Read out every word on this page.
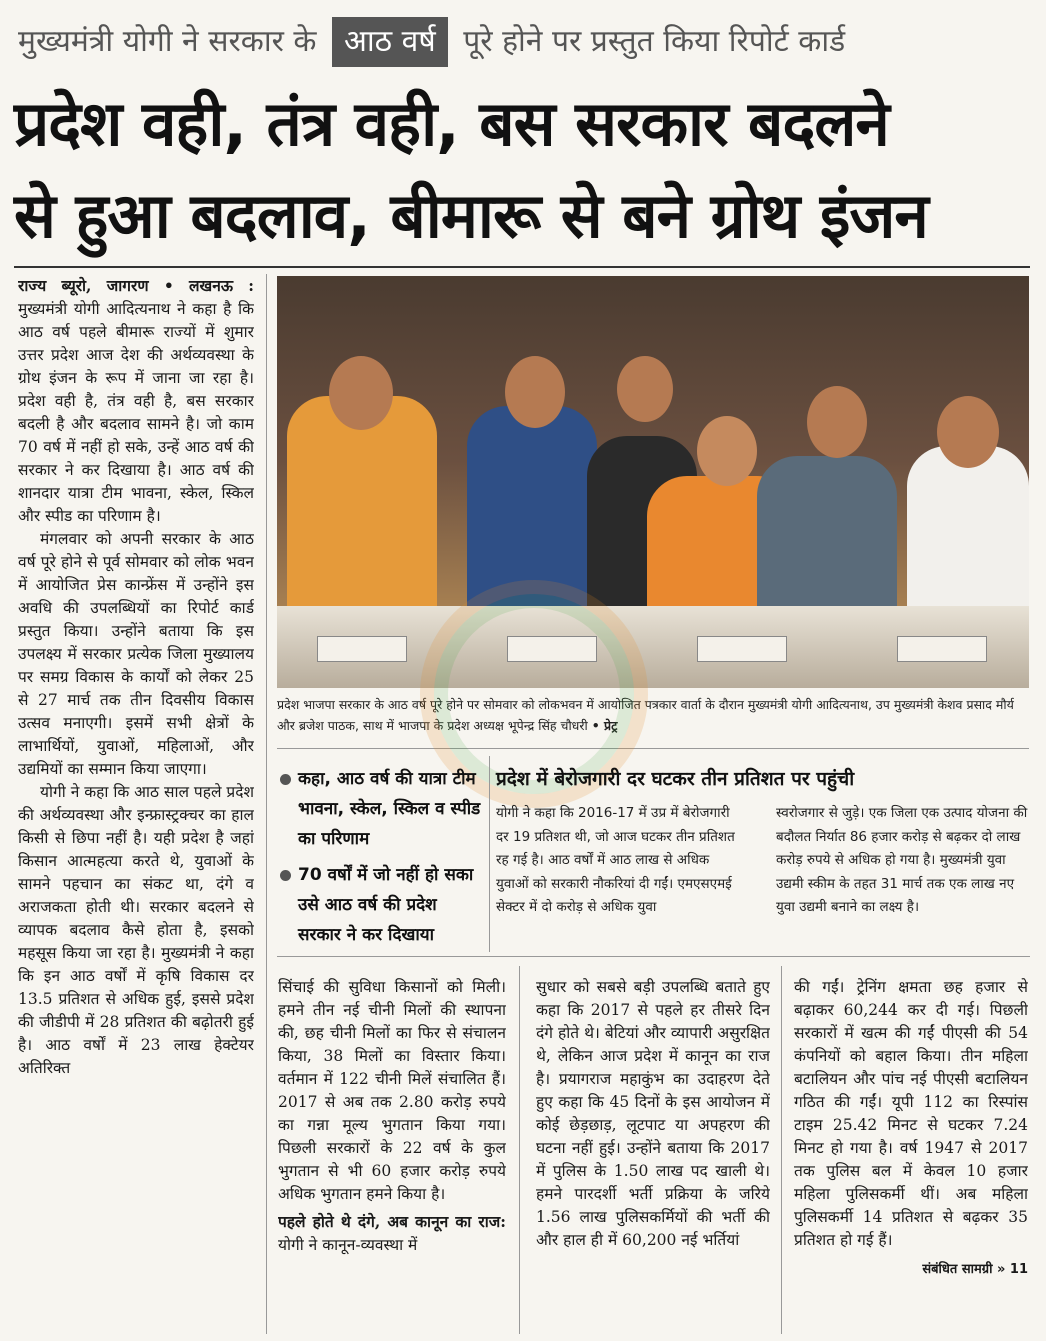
मुख्यमंत्री योगी ने सरकार के आठ वर्ष पूरे होने पर प्रस्तुत किया रिपोर्ट कार्ड
प्रदेश वही, तंत्र वही, बस सरकार बदलने
से हुआ बदलाव, बीमारू से बने ग्रोथ इंजन

राज्य ब्यूरो, जागरण • लखनऊ : मुख्यमंत्री योगी आदित्यनाथ ने कहा है कि आठ वर्ष पहले बीमारू राज्यों में शुमार उत्तर प्रदेश आज देश की अर्थव्यवस्था के ग्रोथ इंजन के रूप में जाना जा रहा है। प्रदेश वही है, तंत्र वही है, बस सरकार बदली है और बदलाव सामने है। जो काम 70 वर्ष में नहीं हो सके, उन्हें आठ वर्ष की सरकार ने कर दिखाया है। आठ वर्ष की शानदार यात्रा टीम भावना, स्केल, स्किल और स्पीड का परिणाम है।

मंगलवार को अपनी सरकार के आठ वर्ष पूरे होने से पूर्व सोमवार को लोक भवन में आयोजित प्रेस कान्फ्रेंस में उन्होंने इस अवधि की उपलब्धियों का रिपोर्ट कार्ड प्रस्तुत किया। उन्होंने बताया कि इस उपलक्ष्य में सरकार प्रत्येक जिला मुख्यालय पर समग्र विकास के कार्यों को लेकर 25 से 27 मार्च तक तीन दिवसीय विकास उत्सव मनाएगी। इसमें सभी क्षेत्रों के लाभार्थियों, युवाओं, महिलाओं, और उद्यमियों का सम्मान किया जाएगा।

योगी ने कहा कि आठ साल पहले प्रदेश की अर्थव्यवस्था और इन्फ्रास्ट्रक्चर का हाल किसी से छिपा नहीं है। यही प्रदेश है जहां किसान आत्महत्या करते थे, युवाओं के सामने पहचान का संकट था, दंगे व अराजकता होती थी। सरकार बदलने से व्यापक बदलाव कैसे होता है, इसको महसूस किया जा रहा है। मुख्यमंत्री ने कहा कि इन आठ वर्षों में कृषि विकास दर 13.5 प्रतिशत से अधिक हुई, इससे प्रदेश की जीडीपी में 28 प्रतिशत की बढ़ोतरी हुई है। आठ वर्षों में 23 लाख हेक्टेयर अतिरिक्त

प्रदेश भाजपा सरकार के आठ वर्ष पूरे होने पर सोमवार को लोकभवन में आयोजित पत्रकार वार्ता के दौरान मुख्यमंत्री योगी आदित्यनाथ, उप मुख्यमंत्री केशव प्रसाद मौर्य और ब्रजेश पाठक, साथ में भाजपा के प्रदेश अध्यक्ष भूपेन्द्र सिंह चौधरी • प्रेट्र
कहा, आठ वर्ष की यात्रा टीम भावना, स्केल, स्किल व स्पीड का परिणाम
70 वर्षों में जो नहीं हो सका उसे आठ वर्ष की प्रदेश सरकार ने कर दिखाया
प्रदेश में बेरोजगारी दर घटकर तीन प्रतिशत पर पहुंची
योगी ने कहा कि 2016-17 में उप्र में बेरोजगारी दर 19 प्रतिशत थी, जो आज घटकर तीन प्रतिशत रह गई है। आठ वर्षों में आठ लाख से अधिक युवाओं को सरकारी नौकरियां दी गईं। एमएसएमई सेक्टर में दो करोड़ से अधिक युवा
स्वरोजगार से जुड़े। एक जिला एक उत्पाद योजना की बदौलत निर्यात 86 हजार करोड़ से बढ़कर दो लाख करोड़ रुपये से अधिक हो गया है। मुख्यमंत्री युवा उद्यमी स्कीम के तहत 31 मार्च तक एक लाख नए युवा उद्यमी बनाने का लक्ष्य है।

सिंचाई की सुविधा किसानों को मिली। हमने तीन नई चीनी मिलों की स्थापना की, छह चीनी मिलों का फिर से संचालन किया, 38 मिलों का विस्तार किया। वर्तमान में 122 चीनी मिलें संचालित हैं। 2017 से अब तक 2.80 करोड़ रुपये का गन्ना मूल्य भुगतान किया गया। पिछली सरकारों के 22 वर्ष के कुल भुगतान से भी 60 हजार करोड़ रुपये अधिक भुगतान हमने किया है।

पहले होते थे दंगे, अब कानून का राज: योगी ने कानून-व्यवस्था में

सुधार को सबसे बड़ी उपलब्धि बताते हुए कहा कि 2017 से पहले हर तीसरे दिन दंगे होते थे। बेटियां और व्यापारी असुरक्षित थे, लेकिन आज प्रदेश में कानून का राज है। प्रयागराज महाकुंभ का उदाहरण देते हुए कहा कि 45 दिनों के इस आयोजन में कोई छेड़छाड़, लूटपाट या अपहरण की घटना नहीं हुई। उन्होंने बताया कि 2017 में पुलिस के 1.50 लाख पद खाली थे। हमने पारदर्शी भर्ती प्रक्रिया के जरिये 1.56 लाख पुलिसकर्मियों की भर्ती की और हाल ही में 60,200 नई भर्तियां

की गईं। ट्रेनिंग क्षमता छह हजार से बढ़ाकर 60,244 कर दी गई। पिछली सरकारों में खत्म की गईं पीएसी की 54 कंपनियों को बहाल किया। तीन महिला बटालियन और पांच नई पीएसी बटालियन गठित की गईं। यूपी 112 का रिस्पांस टाइम 25.42 मिनट से घटकर 7.24 मिनट हो गया है। वर्ष 1947 से 2017 तक पुलिस बल में केवल 10 हजार महिला पुलिसकर्मी थीं। अब महिला पुलिसकर्मी 14 प्रतिशत से बढ़कर 35 प्रतिशत हो गई हैं।

संबंधित सामग्री » 11
